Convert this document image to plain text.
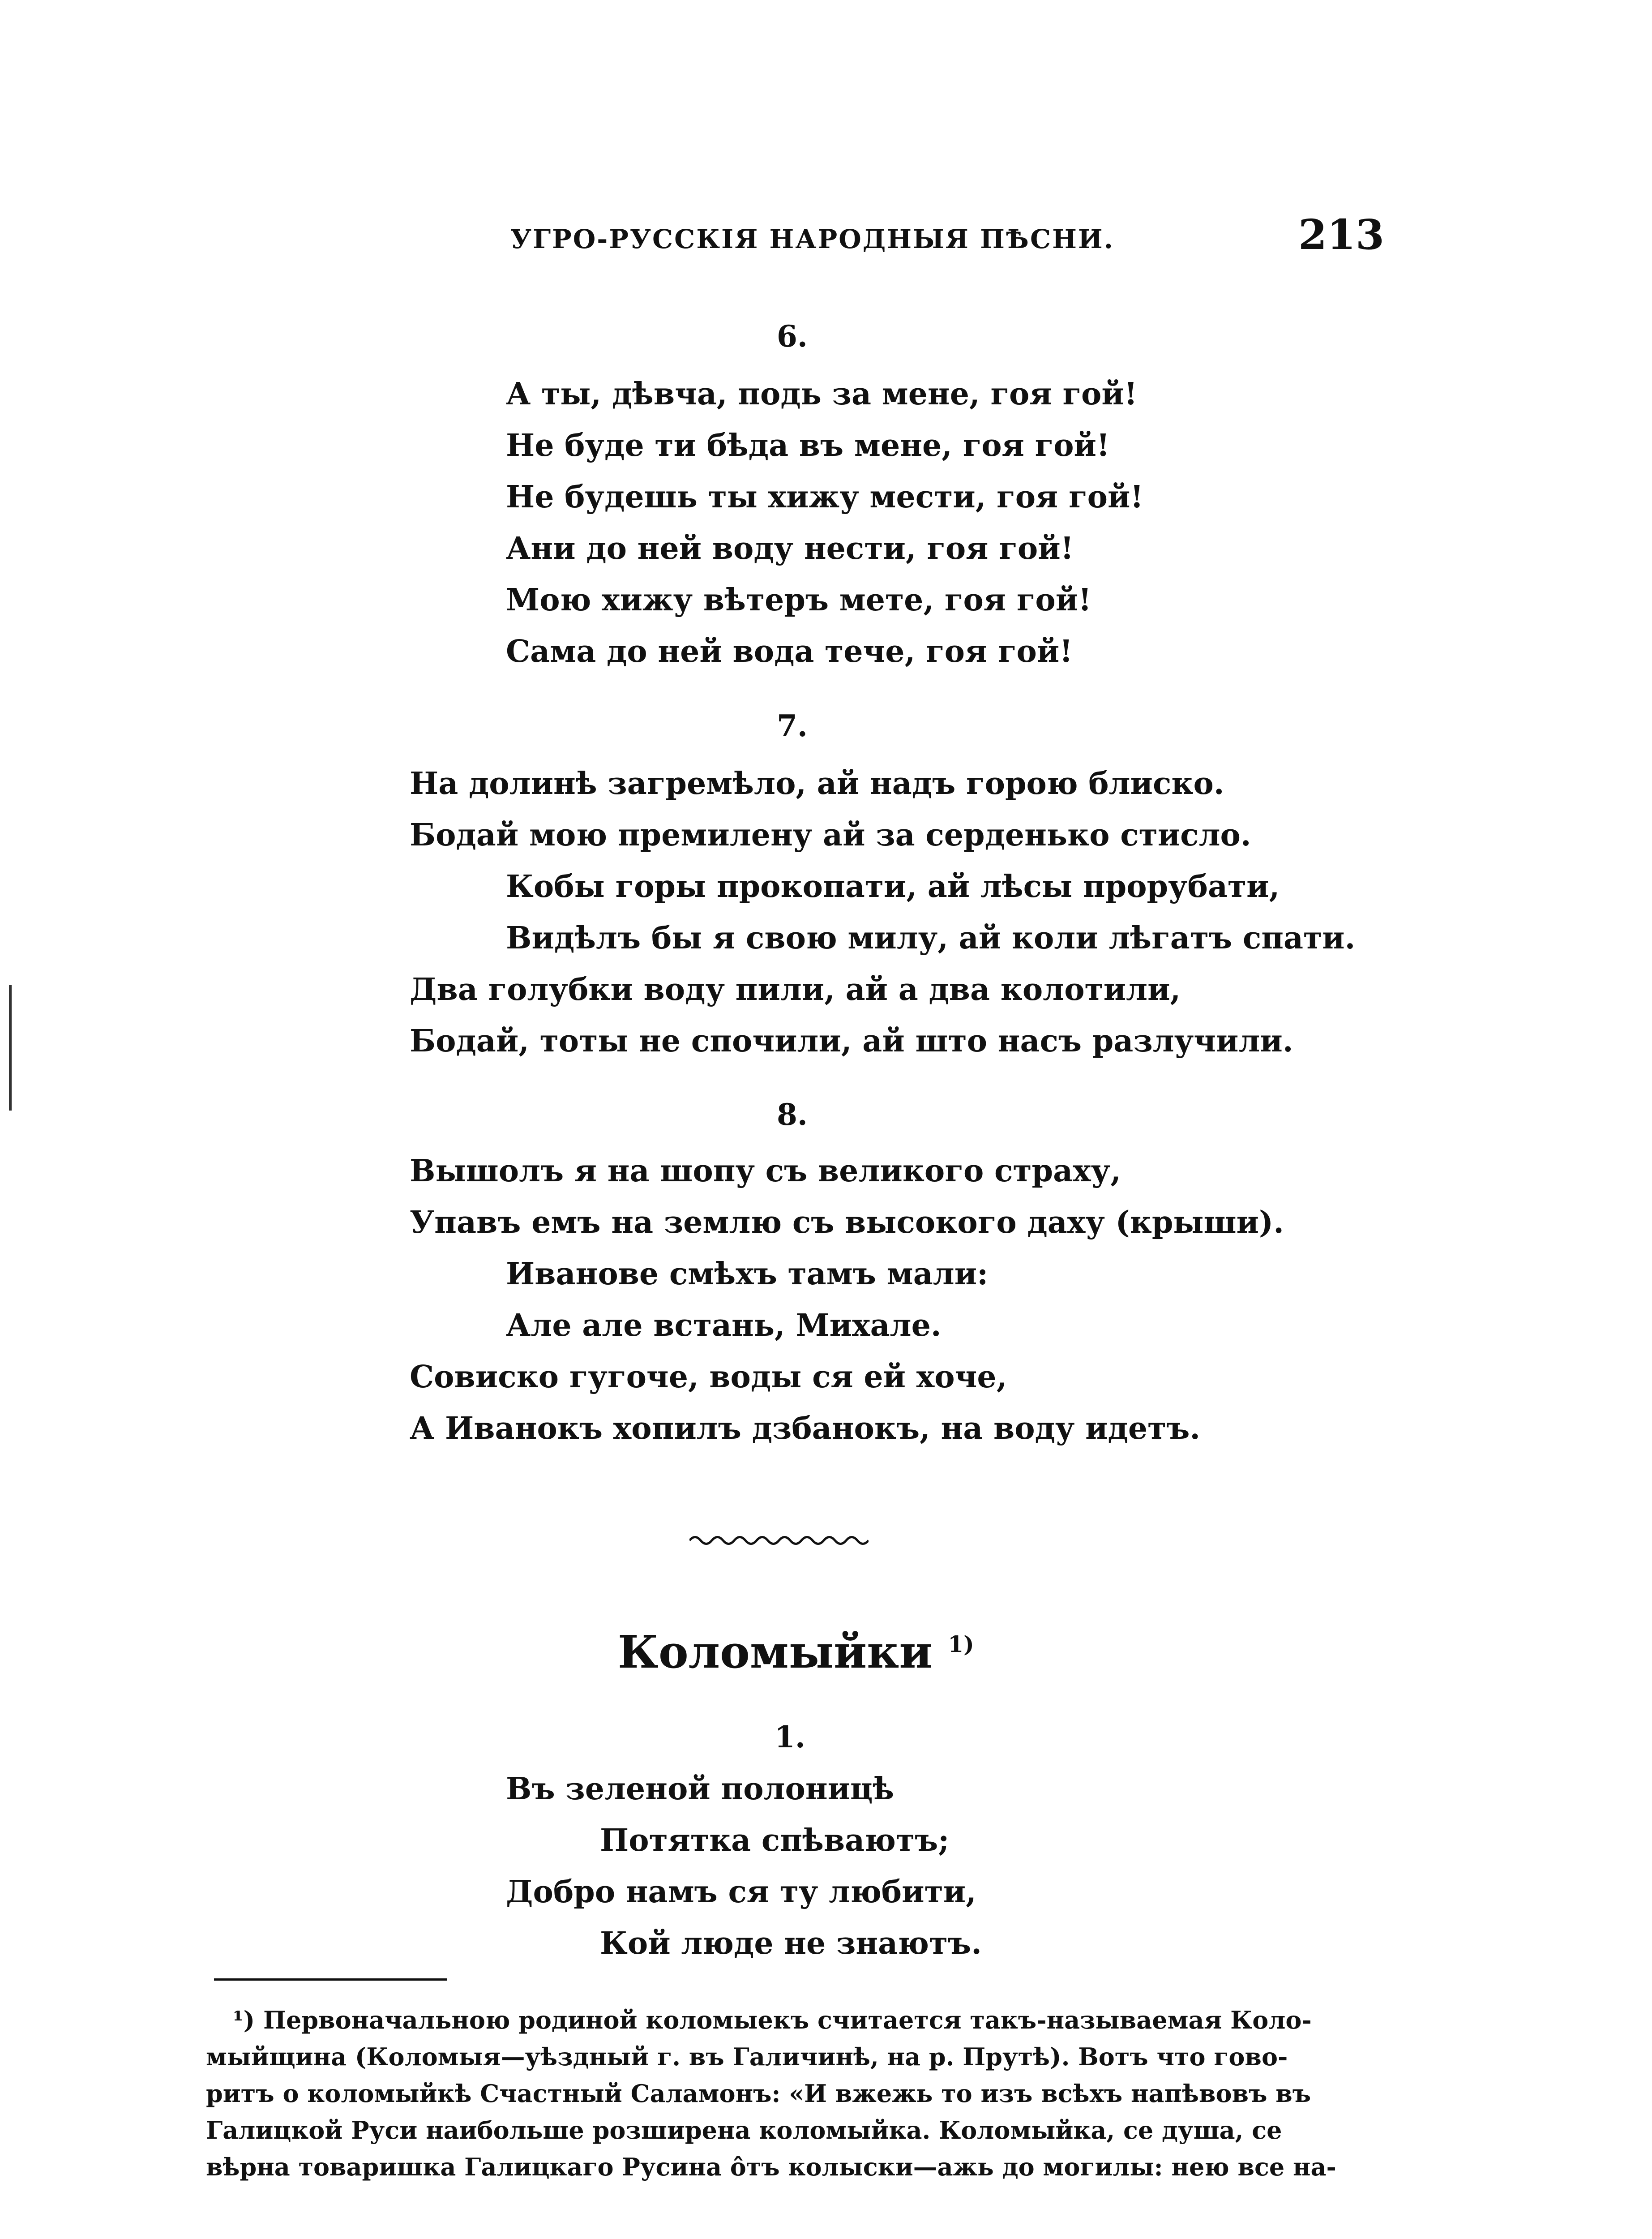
УГРО-РУССКІЯ НАРОДНЫЯ ПѢСНИ.	213
6.
А ты, дѣвча, подь за мене, гоя гой!
Не буде ти бѣда въ мене, гоя гой!
Не будешь ты хижу мести, гоя гой!
Ани до ней воду нести, гоя гой!
Мою хижу вѣтеръ мете, гоя гой!
Сама до ней вода тече, гоя гой!
7.
На долинѣ загремѣло, ай надъ горою блиско.
Бодай мою премилену ай за серденько стисло.
Кобы горы прокопати, ай лѣсы прорубати,
Видѣлъ бы я свою милу, ай коли лѣгатъ спати.
Два голубки воду пили, ай а два колотили,
Бодай, тоты не спочили, ай што насъ разлучили.
8.
Вышолъ я на шопу съ великого страху,
Упавъ емъ на землю съ высокого даху (крыши).
Ивановe смѣхъ тамъ мали:
Але але встань, Михале.
Совиско гугоче, воды ся ей хоче,
А Иванокъ хопилъ дзбанокъ, на воду идетъ.
Коломыйки $^{1)}$
1.
Въ зеленой полоницѣ
Потятка спѣваютъ;
Добро намъ ся ту любити,
Кой люде не знаютъ.
¹) Первоначальною родиной коломыекъ считается такъ-называемая Коло-
мыйщина (Коломыя—уѣздный г. въ Галичинѣ, на р. Прутѣ). Вотъ что гово-
ритъ о коломыйкѣ Счастный Саламонъ: «И вжежь то изъ всѣхъ напѣвовъ въ
Галицкой Руси наибольше розширена коломыйка. Коломыйка, се душа, се
вѣрна товаришка Галицкаго Русина ôтъ колыски—ажь до могилы: нею все на-
